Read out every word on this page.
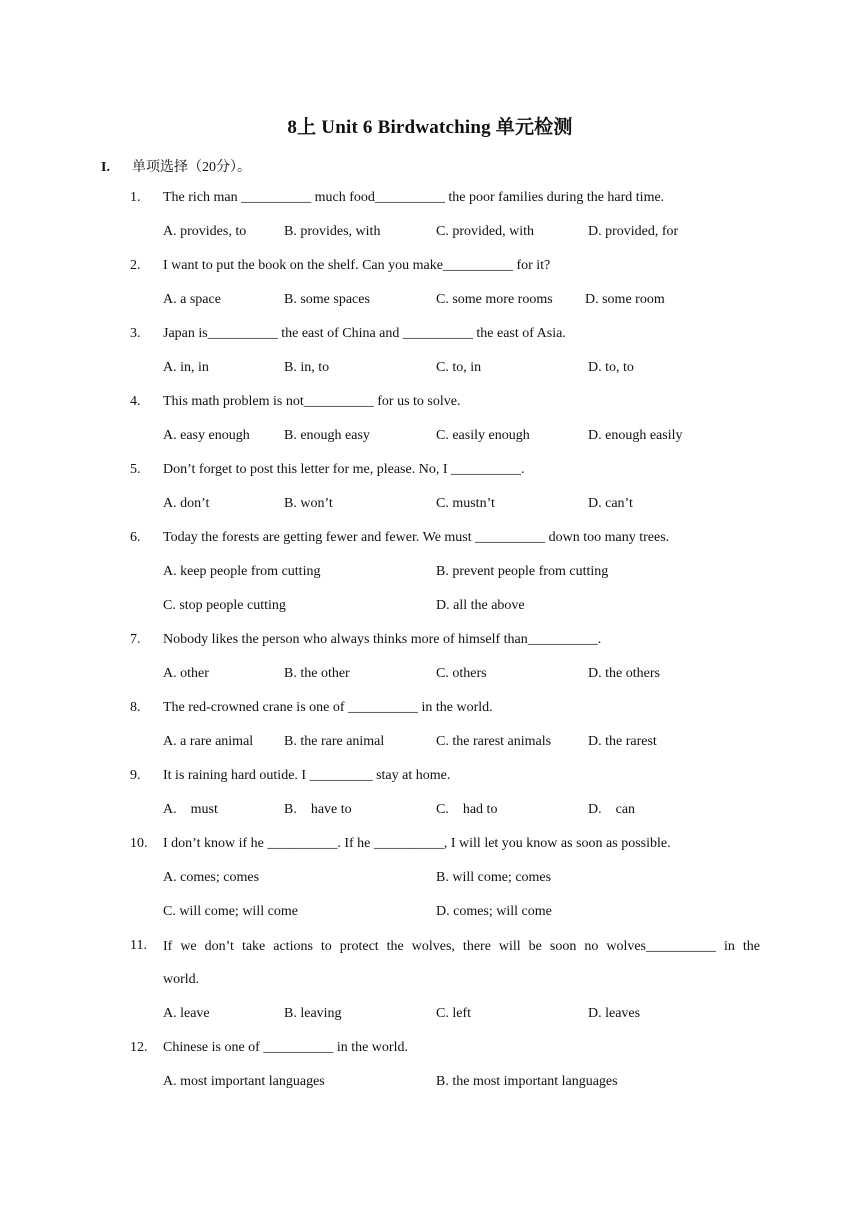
8上 Unit 6 Birdwatching 单元检测
I. 单项选择（20分）。
1.	The rich man __________ much food__________ the poor families during the hard time.
A. provides, to	B. provides, with	C. provided, with	D. provided, for
2.	I want to put the book on the shelf. Can you make__________ for it?
A. a space	B. some spaces	C. some more rooms D. some room
3.	Japan is__________ the east of China and __________ the east of Asia.
A. in, in	B. in, to	C. to, in	D. to, to
4.	This math problem is not__________ for us to solve.
A. easy enough B. enough easy	C. easily enough	D. enough easily
5.	Don’t forget to post this letter for me, please. No, I __________.
A. don’t	B. won’t	C. mustn’t	D. can’t
6.	Today the forests are getting fewer and fewer. We must __________ down too many trees.
A. keep people from cutting	B. prevent people from cutting
C. stop people cutting	D. all the above
7.	Nobody likes the person who always thinks more of himself than__________.
A. other	B. the other	C. others	D. the others
8.	The red-crowned crane is one of __________ in the world.
A. a rare animal B. the rare animal	C. the rarest animals	D. the rarest
9.	It is raining hard outide. I _________ stay at home.
A.    must	B.    have to	C.    had to	D.    can
10.	I don’t know if he __________. If he __________, I will let you know as soon as possible.
A. comes; comes	B. will come; comes
C. will come; will come	D. comes; will come
11.	If we don’t take actions to protect the wolves, there will be soon no wolves__________ in the
world.
A. leave	B. leaving	C. left	D. leaves
12.	Chinese is one of __________ in the world.
A. most important languages	B. the most important languages
